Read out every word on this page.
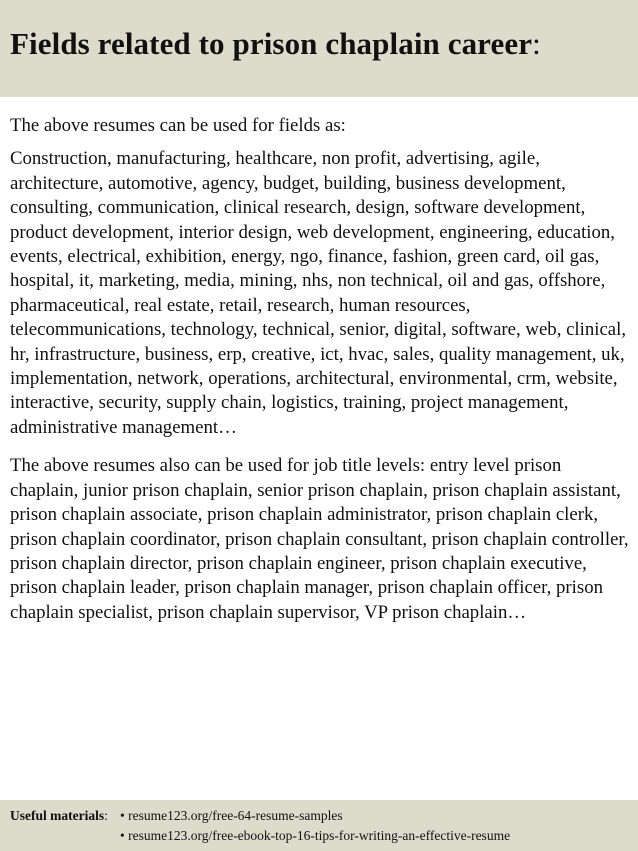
Fields related to prison chaplain career:

The above resumes can be used for fields as:

Construction, manufacturing, healthcare, non profit, advertising, agile, architecture, automotive, agency, budget, building, business development, consulting, communication, clinical research, design, software development, product development, interior design, web development, engineering, education, events, electrical, exhibition, energy, ngo, finance, fashion, green card, oil gas, hospital, it, marketing, media, mining, nhs, non technical, oil and gas, offshore, pharmaceutical, real estate, retail, research, human resources, telecommunications, technology, technical, senior, digital, software, web, clinical, hr, infrastructure, business, erp, creative, ict, hvac, sales, quality management, uk, implementation, network, operations, architectural, environmental, crm, website, interactive, security, supply chain, logistics, training, project management, administrative management…

The above resumes also can be used for job title levels: entry level prison chaplain, junior prison chaplain, senior prison chaplain, prison chaplain assistant, prison chaplain associate, prison chaplain administrator, prison chaplain clerk, prison chaplain coordinator, prison chaplain consultant, prison chaplain controller, prison chaplain director, prison chaplain engineer, prison chaplain executive, prison chaplain leader, prison chaplain manager, prison chaplain officer, prison chaplain specialist, prison chaplain supervisor, VP prison chaplain…

Useful materials: • resume123.org/free-64-resume-samples
• resume123.org/free-ebook-top-16-tips-for-writing-an-effective-resume
